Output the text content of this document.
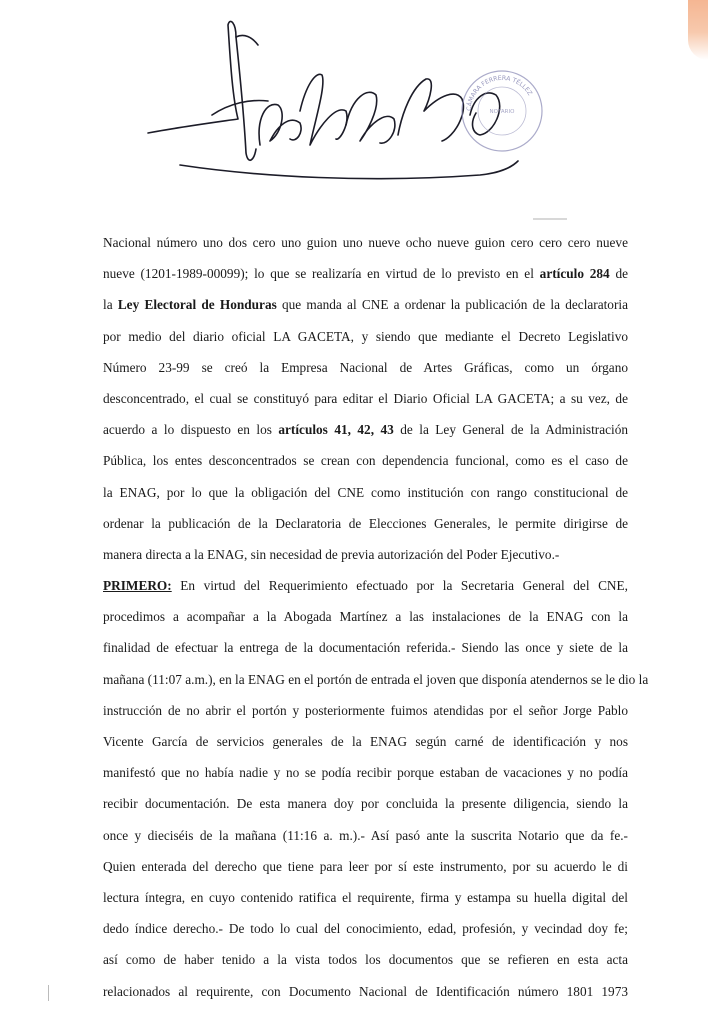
CÁMARA FERRERA TÉLLEZ
NOTARIO
Nacional número uno dos cero uno guion uno nueve ocho nueve guion cero cero cero nueve
nueve (1201-1989-00099); lo que se realizaría en virtud de lo previsto en el artículo 284 de
la Ley Electoral de Honduras que manda al CNE a ordenar la publicación de la declaratoria
por medio del diario oficial LA GACETA, y siendo que mediante el Decreto Legislativo
Número 23-99 se creó la Empresa Nacional de Artes Gráficas, como un órgano
desconcentrado, el cual se constituyó para editar el Diario Oficial LA GACETA; a su vez, de
acuerdo a lo dispuesto en los artículos 41, 42, 43 de la Ley General de la Administración
Pública, los entes desconcentrados se crean con dependencia funcional, como es el caso de
la ENAG, por lo que la obligación del CNE como institución con rango constitucional de
ordenar la publicación de la Declaratoria de Elecciones Generales, le permite dirigirse de
manera directa a la ENAG, sin necesidad de previa autorización del Poder Ejecutivo.-
PRIMERO: En virtud del Requerimiento efectuado por la Secretaria General del CNE,
procedimos a acompañar a la Abogada Martínez a las instalaciones de la ENAG con la
finalidad de efectuar la entrega de la documentación referida.- Siendo las once y siete de la
mañana (11:07 a.m.), en la ENAG en el portón de entrada el joven que disponía atendernos se le dio la
instrucción de no abrir el portón y posteriormente fuimos atendidas por el señor Jorge Pablo
Vicente García de servicios generales de la ENAG según carné de identificación y nos
manifestó que no había nadie y no se podía recibir porque estaban de vacaciones y no podía
recibir documentación. De esta manera doy por concluida la presente diligencia, siendo la
once y dieciséis de la mañana (11:16 a. m.).- Así pasó ante la suscrita Notario que da fe.-
Quien enterada del derecho que tiene para leer por sí este instrumento, por su acuerdo le di
lectura íntegra, en cuyo contenido ratifica el requirente, firma y estampa su huella digital del
dedo índice derecho.- De todo lo cual del conocimiento, edad, profesión, y vecindad doy fe;
así como de haber tenido a la vista todos los documentos que se refieren en esta acta
relacionados al requirente, con Documento Nacional de Identificación número 1801 1973
